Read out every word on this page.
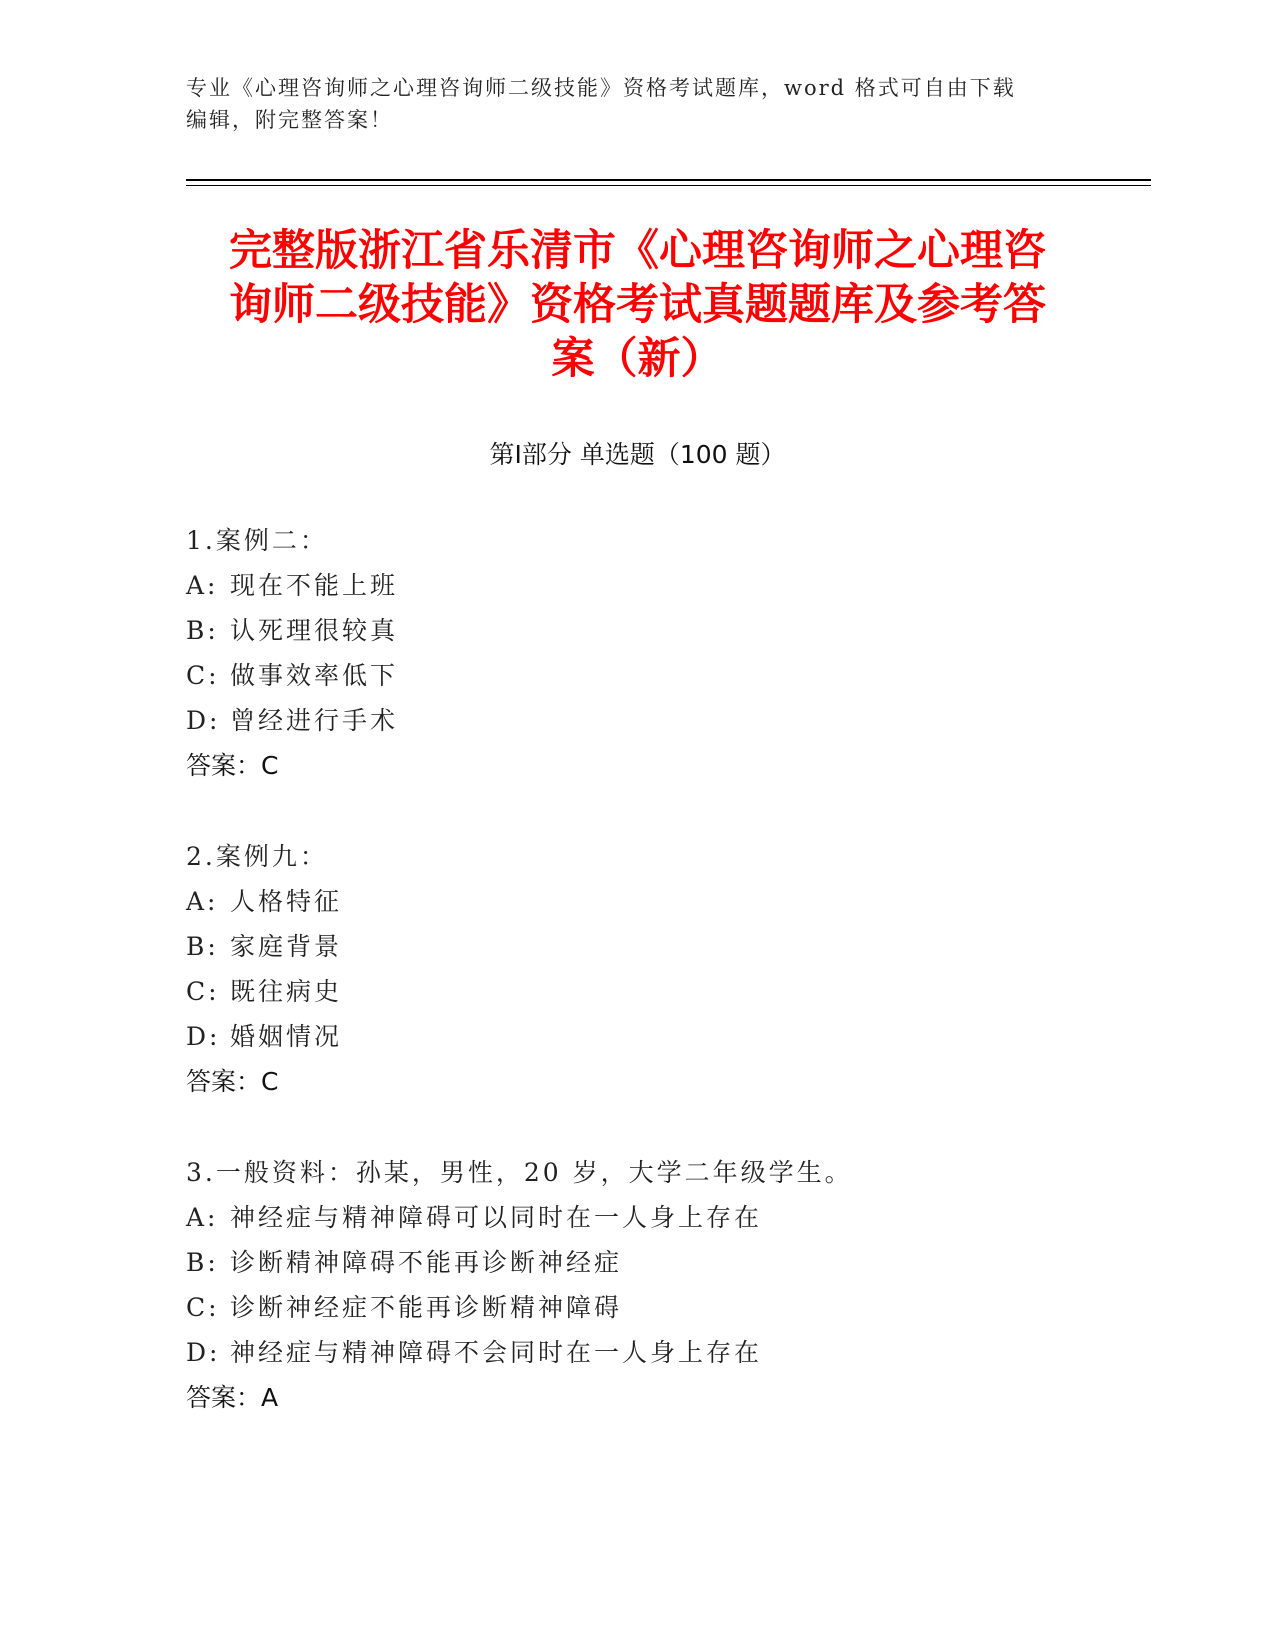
专业《心理咨询师之心理咨询师二级技能》资格考试题库，word 格式可自由下载
编辑，附完整答案！
完整版浙江省乐清市《心理咨询师之心理咨
询师二级技能》资格考试真题题库及参考答
案（新）
第Ⅰ部分 单选题（100 题）
1.案例二：
A: 现在不能上班
B: 认死理很较真
C: 做事效率低下
D: 曾经进行手术
答案：C
2.案例九：
A: 人格特征
B: 家庭背景
C: 既往病史
D: 婚姻情况
答案：C
3.一般资料：孙某，男性，20 岁，大学二年级学生。
A: 神经症与精神障碍可以同时在一人身上存在
B: 诊断精神障碍不能再诊断神经症
C: 诊断神经症不能再诊断精神障碍
D: 神经症与精神障碍不会同时在一人身上存在
答案：A
